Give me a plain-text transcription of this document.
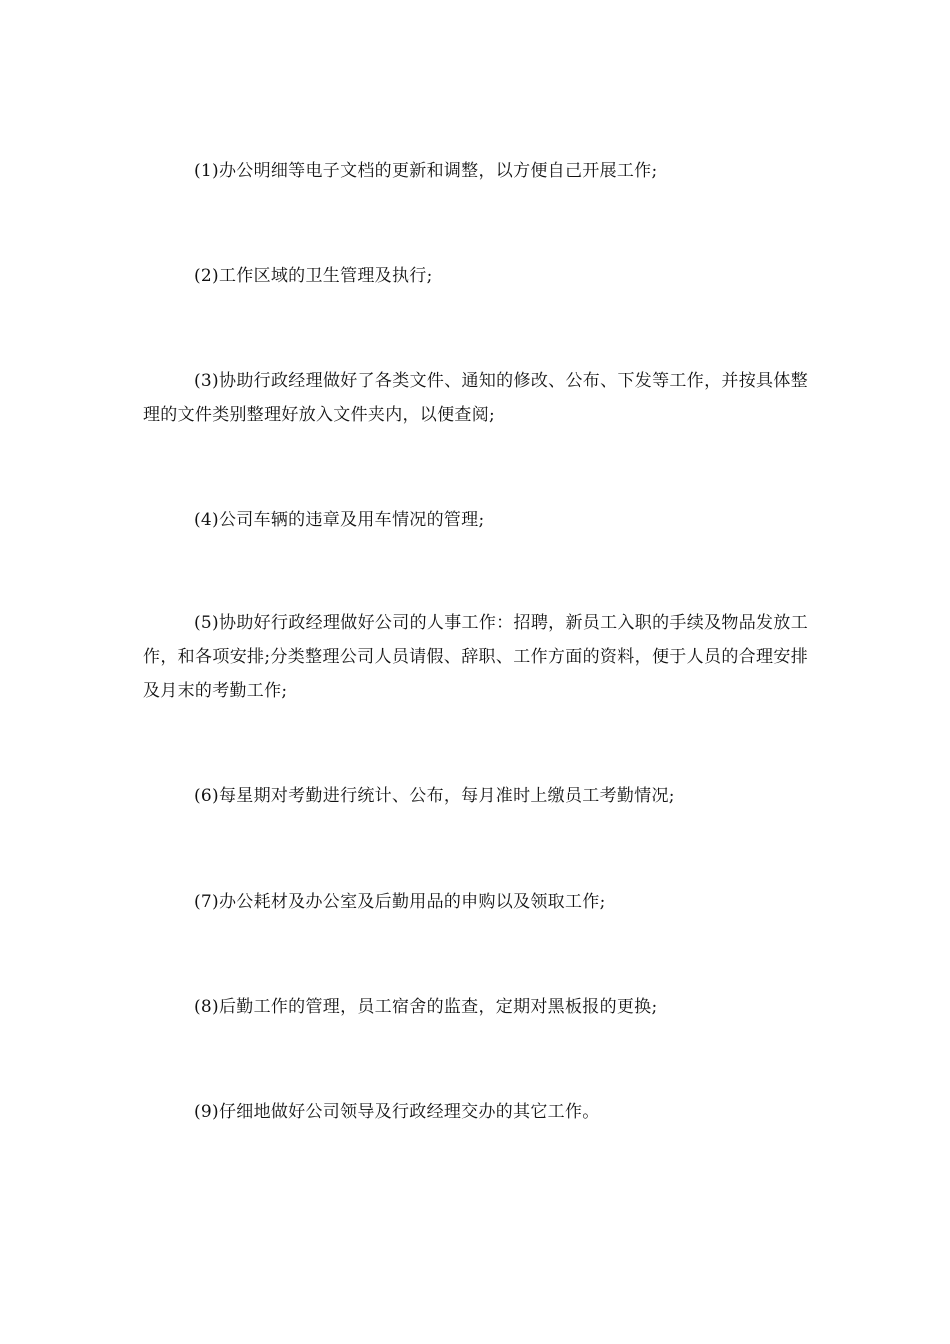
(1)办公明细等电子文档的更新和调整，以方便自己开展工作;

(2)工作区域的卫生管理及执行;

(3)协助行政经理做好了各类文件、通知的修改、公布、下发等工作，并按具体整理的文件类别整理好放入文件夹内，以便查阅;

(4)公司车辆的违章及用车情况的管理;

(5)协助好行政经理做好公司的人事工作：招聘，新员工入职的手续及物品发放工作，和各项安排;分类整理公司人员请假、辞职、工作方面的资料，便于人员的合理安排及月末的考勤工作;

(6)每星期对考勤进行统计、公布，每月准时上缴员工考勤情况;

(7)办公耗材及办公室及后勤用品的申购以及领取工作;

(8)后勤工作的管理，员工宿舍的监查，定期对黑板报的更换;

(9)仔细地做好公司领导及行政经理交办的其它工作。
